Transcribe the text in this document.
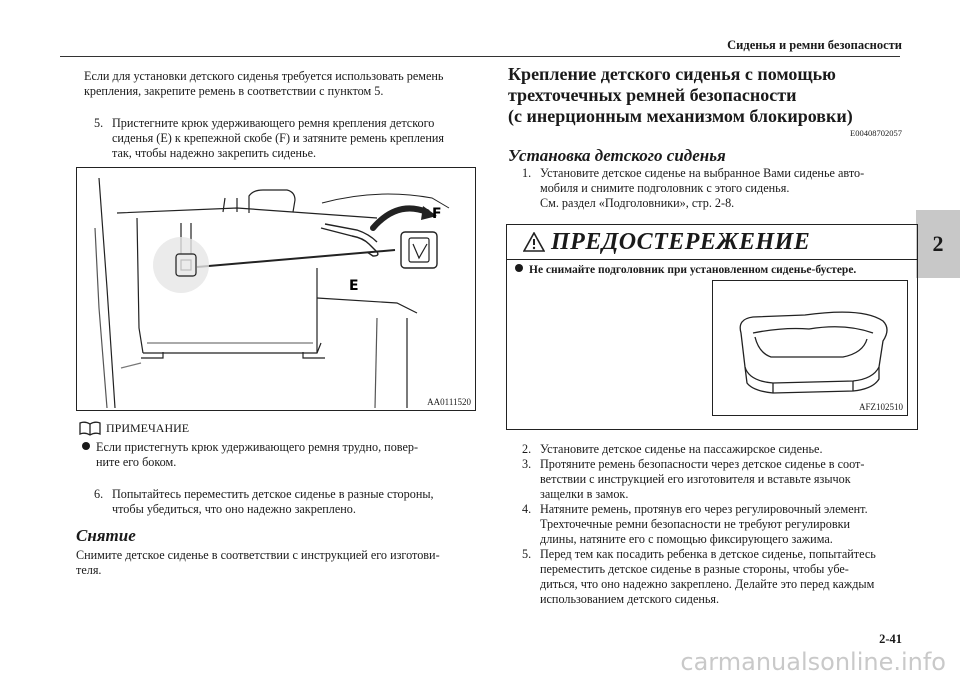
Сиденья и ремни безопасности
2
Если для установки детского сиденья требуется использовать ремень
крепления, закрепите ремень в соответствии с пунктом 5.
5. Пристегните крюк удерживающего ремня крепления детского
сиденья (E) к крепежной скобе (F) и затяните ремень крепления
так, чтобы надежно закрепить сиденье.
F
E
AA0111520
ПРИМЕЧАНИЕ
Если пристегнуть крюк удерживающего ремня трудно, повер-
ните его боком.
6. Попытайтесь переместить детское сиденье в разные стороны,
чтобы убедиться, что оно надежно закреплено.
Снятие
Снимите детское сиденье в соответствии с инструкцией его изготови-
теля.
Крепление детского сиденья с помощью
трехточечных ремней безопасности
(с инерционным механизмом блокировки)
E00408702057
Установка детского сиденья
1. Установите детское сиденье на выбранное Вами сиденье авто-
мобиля и снимите подголовник с этого сиденья.
См. раздел «Подголовники», стр. 2-8.
ПРЕДОСТЕРЕЖЕНИЕ
Не снимайте подголовник при установленном сиденье-бустере.
AFZ102510
2. Установите детское сиденье на пассажирское сиденье.
3. Протяните ремень безопасности через детское сиденье в соот-
ветствии с инструкцией его изготовителя и вставьте язычок
защелки в замок.
4. Натяните ремень, протянув его через регулировочный элемент.
Трехточечные ремни безопасности не требуют регулировки
длины, натяните его с помощью фиксирующего зажима.
5. Перед тем как посадить ребенка в детское сиденье, попытайтесь
переместить детское сиденье в разные стороны, чтобы убе-
диться, что оно надежно закреплено. Делайте это перед каждым
использованием детского сиденья.
2-41
carmanualsonline.info
